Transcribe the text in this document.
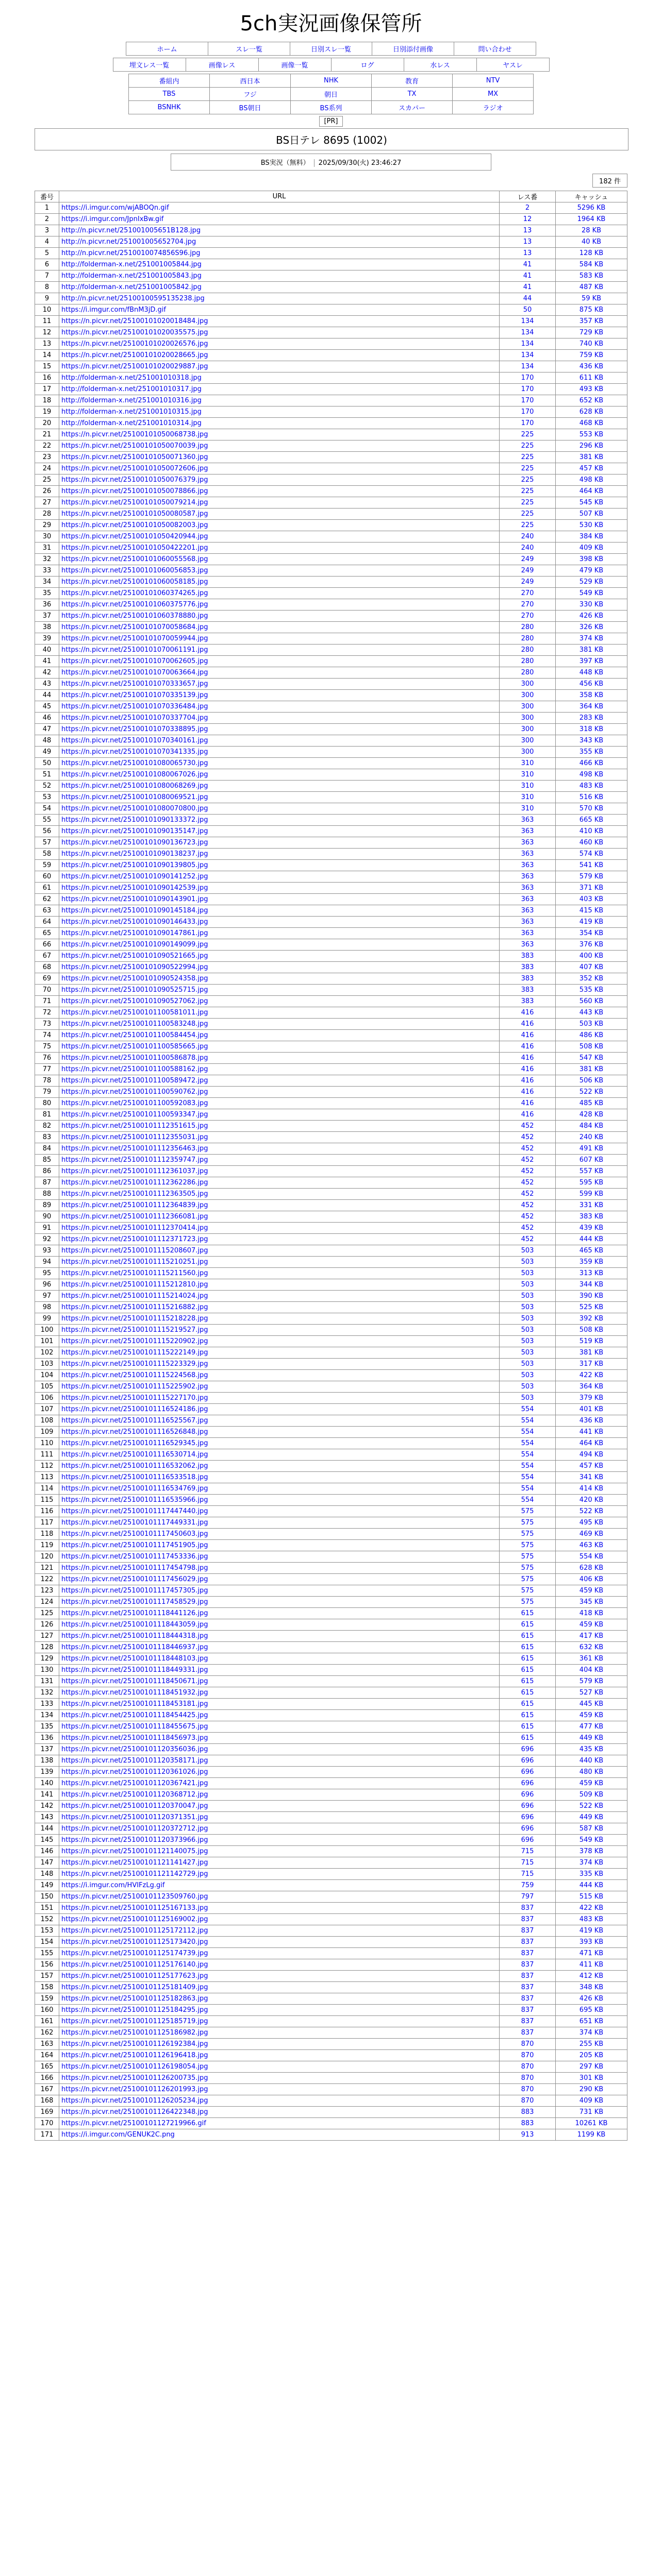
5ch実況画像保管所
ホーム	スレ一覧	日別スレ一覧	日別添付画像	問い合わせ
埋文レス一覧	画像レス	画像一覧	ログ	水レス	ヤスレ
番組内	西日本	NHK	教育	NTV
TBS	フジ	朝日	TX	MX
BSNHK	BS朝日	BS系列	スカパー	ラジオ
[PR]
BS日テレ 8695 (1002)
BS実況（無料） 2025/09/30(火) 23:46:27
182 件
番号	URL	レス番	キャッシュ
1	https://i.imgur.com/wjABOQn.gif	2	5296 KB
2	https://i.imgur.com/JpnIxBw.gif	12	1964 KB
3	http://n.picvr.net/251001005651B128.jpg	13	28 KB
4	http://n.picvr.net/251001005652704.jpg	13	40 KB
5	http://n.picvr.net/2510010074856S96.jpg	13	128 KB
6	http://folderman-x.net/251001005844.jpg	41	584 KB
7	http://folderman-x.net/251001005843.jpg	41	583 KB
8	http://folderman-x.net/251001005842.jpg	41	487 KB
9	http://n.picvr.net/25100100595135238.jpg	44	59 KB
10	https://i.imgur.com/fBnM3jD.gif	50	875 KB
11	https://n.picvr.net/25100101020018484.jpg	134	357 KB
12	https://n.picvr.net/25100101020035575.jpg	134	729 KB
13	https://n.picvr.net/25100101020026576.jpg	134	740 KB
14	https://n.picvr.net/25100101020028665.jpg	134	759 KB
15	https://n.picvr.net/25100101020029887.jpg	134	436 KB
16	http://folderman-x.net/251001010318.jpg	170	611 KB
17	http://folderman-x.net/251001010317.jpg	170	493 KB
18	http://folderman-x.net/251001010316.jpg	170	652 KB
19	http://folderman-x.net/251001010315.jpg	170	628 KB
20	http://folderman-x.net/251001010314.jpg	170	468 KB
21	https://n.picvr.net/25100101050068738.jpg	225	553 KB
22	https://n.picvr.net/25100101050070039.jpg	225	296 KB
23	https://n.picvr.net/25100101050071360.jpg	225	381 KB
24	https://n.picvr.net/25100101050072606.jpg	225	457 KB
25	https://n.picvr.net/25100101050076379.jpg	225	498 KB
26	https://n.picvr.net/25100101050078866.jpg	225	464 KB
27	https://n.picvr.net/25100101050079214.jpg	225	545 KB
28	https://n.picvr.net/25100101050080587.jpg	225	507 KB
29	https://n.picvr.net/25100101050082003.jpg	225	530 KB
30	https://n.picvr.net/25100101050420944.jpg	240	384 KB
31	https://n.picvr.net/25100101050422201.jpg	240	409 KB
32	https://n.picvr.net/25100101060055568.jpg	249	398 KB
33	https://n.picvr.net/25100101060056853.jpg	249	479 KB
34	https://n.picvr.net/25100101060058185.jpg	249	529 KB
35	https://n.picvr.net/25100101060374265.jpg	270	549 KB
36	https://n.picvr.net/25100101060375776.jpg	270	330 KB
37	https://n.picvr.net/25100101060378880.jpg	270	426 KB
38	https://n.picvr.net/25100101070058684.jpg	280	326 KB
39	https://n.picvr.net/25100101070059944.jpg	280	374 KB
40	https://n.picvr.net/25100101070061191.jpg	280	381 KB
41	https://n.picvr.net/25100101070062605.jpg	280	397 KB
42	https://n.picvr.net/25100101070063664.jpg	280	448 KB
43	https://n.picvr.net/25100101070333657.jpg	300	456 KB
44	https://n.picvr.net/25100101070335139.jpg	300	358 KB
45	https://n.picvr.net/25100101070336484.jpg	300	364 KB
46	https://n.picvr.net/25100101070337704.jpg	300	283 KB
47	https://n.picvr.net/25100101070338895.jpg	300	318 KB
48	https://n.picvr.net/25100101070340161.jpg	300	343 KB
49	https://n.picvr.net/25100101070341335.jpg	300	355 KB
50	https://n.picvr.net/25100101080065730.jpg	310	466 KB
51	https://n.picvr.net/25100101080067026.jpg	310	498 KB
52	https://n.picvr.net/25100101080068269.jpg	310	483 KB
53	https://n.picvr.net/25100101080069521.jpg	310	516 KB
54	https://n.picvr.net/25100101080070800.jpg	310	570 KB
55	https://n.picvr.net/25100101090133372.jpg	363	665 KB
56	https://n.picvr.net/25100101090135147.jpg	363	410 KB
57	https://n.picvr.net/25100101090136723.jpg	363	460 KB
58	https://n.picvr.net/25100101090138237.jpg	363	574 KB
59	https://n.picvr.net/25100101090139805.jpg	363	541 KB
60	https://n.picvr.net/25100101090141252.jpg	363	579 KB
61	https://n.picvr.net/25100101090142539.jpg	363	371 KB
62	https://n.picvr.net/25100101090143901.jpg	363	403 KB
63	https://n.picvr.net/25100101090145184.jpg	363	415 KB
64	https://n.picvr.net/25100101090146433.jpg	363	419 KB
65	https://n.picvr.net/25100101090147861.jpg	363	354 KB
66	https://n.picvr.net/25100101090149099.jpg	363	376 KB
67	https://n.picvr.net/25100101090521665.jpg	383	400 KB
68	https://n.picvr.net/25100101090522994.jpg	383	407 KB
69	https://n.picvr.net/25100101090524358.jpg	383	352 KB
70	https://n.picvr.net/25100101090525715.jpg	383	535 KB
71	https://n.picvr.net/25100101090527062.jpg	383	560 KB
72	https://n.picvr.net/25100101100581011.jpg	416	443 KB
73	https://n.picvr.net/25100101100583248.jpg	416	503 KB
74	https://n.picvr.net/25100101100584454.jpg	416	486 KB
75	https://n.picvr.net/25100101100585665.jpg	416	508 KB
76	https://n.picvr.net/25100101100586878.jpg	416	547 KB
77	https://n.picvr.net/25100101100588162.jpg	416	381 KB
78	https://n.picvr.net/25100101100589472.jpg	416	506 KB
79	https://n.picvr.net/25100101100590762.jpg	416	522 KB
80	https://n.picvr.net/25100101100592083.jpg	416	485 KB
81	https://n.picvr.net/25100101100593347.jpg	416	428 KB
82	https://n.picvr.net/25100101112351615.jpg	452	484 KB
83	https://n.picvr.net/25100101112355031.jpg	452	240 KB
84	https://n.picvr.net/25100101112356463.jpg	452	491 KB
85	https://n.picvr.net/25100101112359747.jpg	452	607 KB
86	https://n.picvr.net/25100101112361037.jpg	452	557 KB
87	https://n.picvr.net/25100101112362286.jpg	452	595 KB
88	https://n.picvr.net/25100101112363505.jpg	452	599 KB
89	https://n.picvr.net/25100101112364839.jpg	452	331 KB
90	https://n.picvr.net/25100101112366081.jpg	452	383 KB
91	https://n.picvr.net/25100101112370414.jpg	452	439 KB
92	https://n.picvr.net/25100101112371723.jpg	452	444 KB
93	https://n.picvr.net/25100101115208607.jpg	503	465 KB
94	https://n.picvr.net/25100101115210251.jpg	503	359 KB
95	https://n.picvr.net/25100101115211560.jpg	503	313 KB
96	https://n.picvr.net/25100101115212810.jpg	503	344 KB
97	https://n.picvr.net/25100101115214024.jpg	503	390 KB
98	https://n.picvr.net/25100101115216882.jpg	503	525 KB
99	https://n.picvr.net/25100101115218228.jpg	503	392 KB
100	https://n.picvr.net/25100101115219527.jpg	503	508 KB
101	https://n.picvr.net/25100101115220902.jpg	503	519 KB
102	https://n.picvr.net/25100101115222149.jpg	503	381 KB
103	https://n.picvr.net/25100101115223329.jpg	503	317 KB
104	https://n.picvr.net/25100101115224568.jpg	503	422 KB
105	https://n.picvr.net/25100101115225902.jpg	503	364 KB
106	https://n.picvr.net/25100101115227170.jpg	503	379 KB
107	https://n.picvr.net/25100101116524186.jpg	554	401 KB
108	https://n.picvr.net/25100101116525567.jpg	554	436 KB
109	https://n.picvr.net/25100101116526848.jpg	554	441 KB
110	https://n.picvr.net/25100101116529345.jpg	554	464 KB
111	https://n.picvr.net/25100101116530714.jpg	554	494 KB
112	https://n.picvr.net/25100101116532062.jpg	554	457 KB
113	https://n.picvr.net/25100101116533518.jpg	554	341 KB
114	https://n.picvr.net/25100101116534769.jpg	554	414 KB
115	https://n.picvr.net/25100101116535966.jpg	554	420 KB
116	https://n.picvr.net/25100101117447440.jpg	575	522 KB
117	https://n.picvr.net/25100101117449331.jpg	575	495 KB
118	https://n.picvr.net/25100101117450603.jpg	575	469 KB
119	https://n.picvr.net/25100101117451905.jpg	575	463 KB
120	https://n.picvr.net/25100101117453336.jpg	575	554 KB
121	https://n.picvr.net/25100101117454798.jpg	575	628 KB
122	https://n.picvr.net/25100101117456029.jpg	575	406 KB
123	https://n.picvr.net/25100101117457305.jpg	575	459 KB
124	https://n.picvr.net/25100101117458529.jpg	575	345 KB
125	https://n.picvr.net/25100101118441126.jpg	615	418 KB
126	https://n.picvr.net/25100101118443059.jpg	615	459 KB
127	https://n.picvr.net/25100101118444318.jpg	615	417 KB
128	https://n.picvr.net/25100101118446937.jpg	615	632 KB
129	https://n.picvr.net/25100101118448103.jpg	615	361 KB
130	https://n.picvr.net/25100101118449331.jpg	615	404 KB
131	https://n.picvr.net/25100101118450671.jpg	615	579 KB
132	https://n.picvr.net/25100101118451932.jpg	615	527 KB
133	https://n.picvr.net/25100101118453181.jpg	615	445 KB
134	https://n.picvr.net/25100101118454425.jpg	615	459 KB
135	https://n.picvr.net/25100101118455675.jpg	615	477 KB
136	https://n.picvr.net/25100101118456973.jpg	615	449 KB
137	https://n.picvr.net/25100101120356036.jpg	696	435 KB
138	https://n.picvr.net/25100101120358171.jpg	696	440 KB
139	https://n.picvr.net/25100101120361026.jpg	696	480 KB
140	https://n.picvr.net/25100101120367421.jpg	696	459 KB
141	https://n.picvr.net/25100101120368712.jpg	696	509 KB
142	https://n.picvr.net/25100101120370047.jpg	696	522 KB
143	https://n.picvr.net/25100101120371351.jpg	696	449 KB
144	https://n.picvr.net/25100101120372712.jpg	696	587 KB
145	https://n.picvr.net/25100101120373966.jpg	696	549 KB
146	https://n.picvr.net/25100101121140075.jpg	715	378 KB
147	https://n.picvr.net/25100101121141427.jpg	715	374 KB
148	https://n.picvr.net/25100101121142729.jpg	715	335 KB
149	https://i.imgur.com/HVIFzLg.gif	759	444 KB
150	https://n.picvr.net/25100101123509760.jpg	797	515 KB
151	https://n.picvr.net/25100101125167133.jpg	837	422 KB
152	https://n.picvr.net/25100101125169002.jpg	837	483 KB
153	https://n.picvr.net/25100101125172112.jpg	837	419 KB
154	https://n.picvr.net/25100101125173420.jpg	837	393 KB
155	https://n.picvr.net/25100101125174739.jpg	837	471 KB
156	https://n.picvr.net/25100101125176140.jpg	837	411 KB
157	https://n.picvr.net/25100101125177623.jpg	837	412 KB
158	https://n.picvr.net/25100101125181409.jpg	837	348 KB
159	https://n.picvr.net/25100101125182863.jpg	837	426 KB
160	https://n.picvr.net/25100101125184295.jpg	837	695 KB
161	https://n.picvr.net/25100101125185719.jpg	837	651 KB
162	https://n.picvr.net/25100101125186982.jpg	837	374 KB
163	https://n.picvr.net/25100101126192384.jpg	870	255 KB
164	https://n.picvr.net/25100101126196418.jpg	870	205 KB
165	https://n.picvr.net/25100101126198054.jpg	870	297 KB
166	https://n.picvr.net/25100101126200735.jpg	870	301 KB
167	https://n.picvr.net/25100101126201993.jpg	870	290 KB
168	https://n.picvr.net/25100101126205234.jpg	870	409 KB
169	https://n.picvr.net/25100101126422348.jpg	883	731 KB
170	https://n.picvr.net/25100101127219966.gif	883	10261 KB
171	https://i.imgur.com/GENUK2C.png	913	1199 KB
